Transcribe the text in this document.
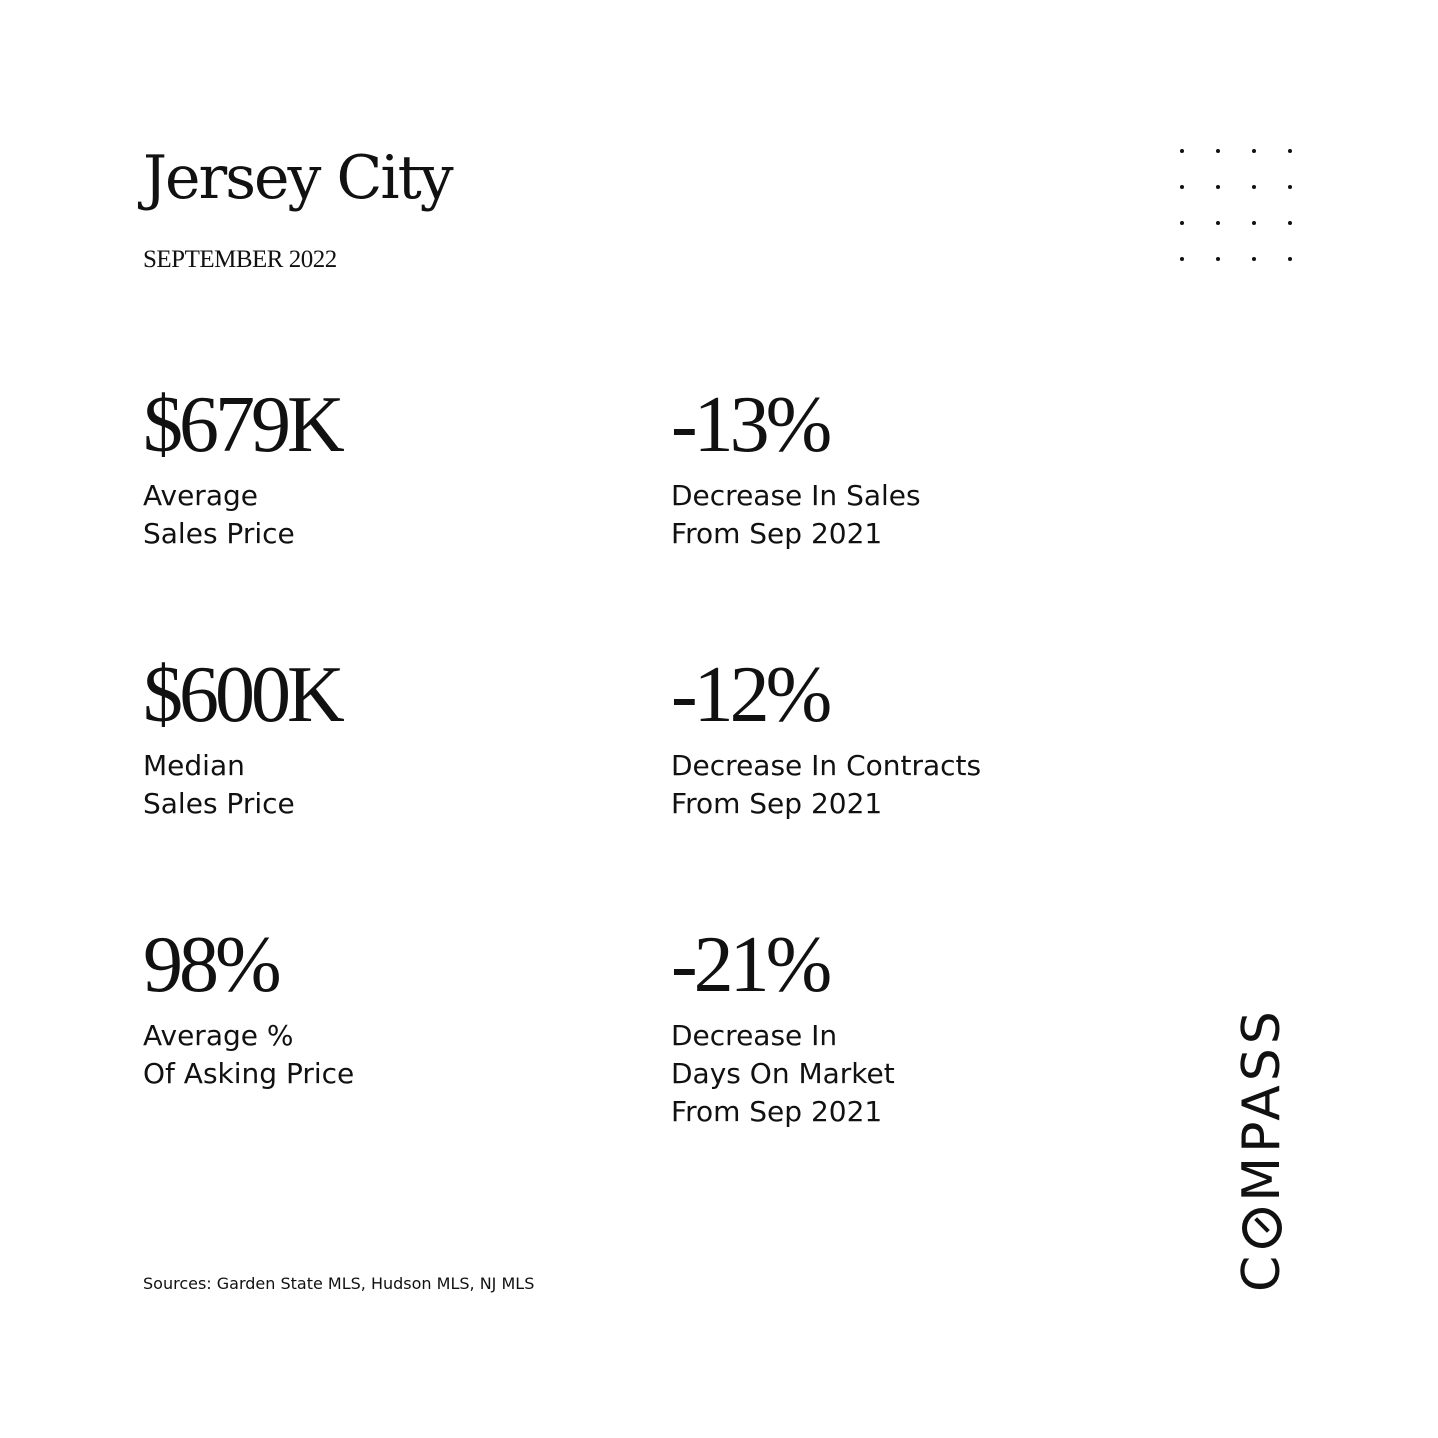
Jersey City
SEPTEMBER 2022
$679K
Average
Sales Price
-13%
Decrease In Sales
From Sep 2021
$600K
Median
Sales Price
-12%
Decrease In Contracts
From Sep 2021
98%
Average %
Of Asking Price
-21%
Decrease In
Days On Market
From Sep 2021
Sources: Garden State MLS, Hudson MLS, NJ MLS	C
MPASS
